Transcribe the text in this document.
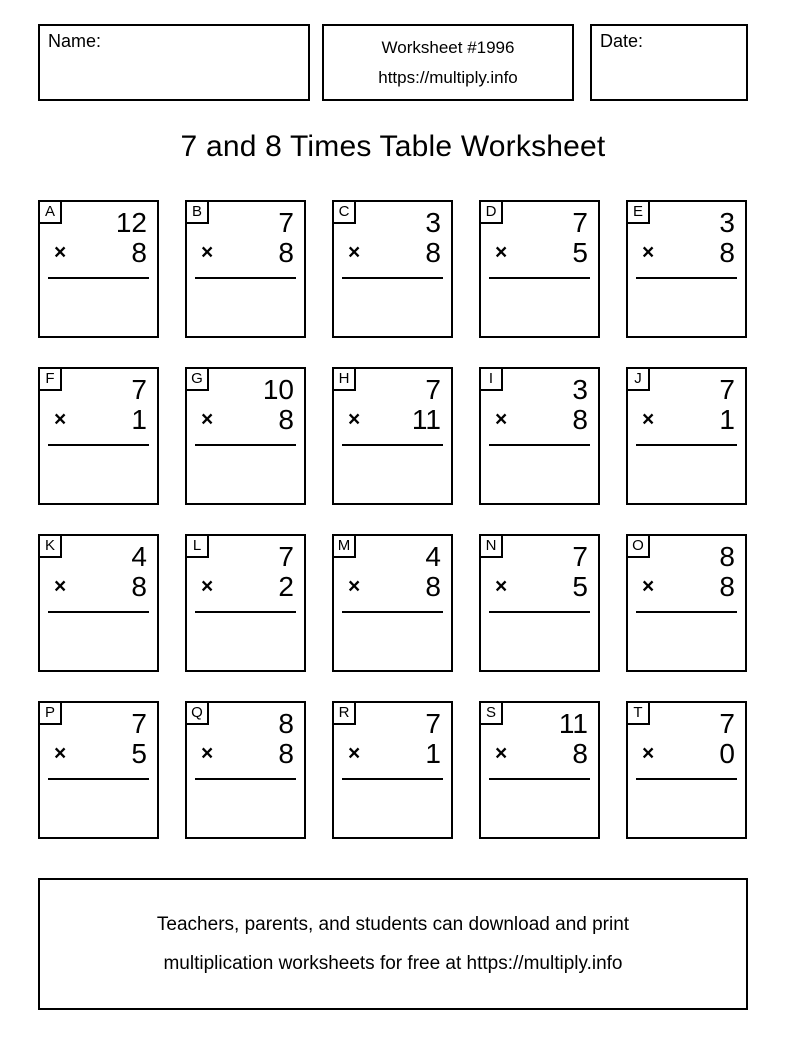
Name:	Worksheet #1996
https://multiply.info
Date:
7 and 8 Times Table Worksheet
A	12
× 8
B	7
× 8
C	3
× 8
D	7
× 5
E	3
× 8
F	7
× 1
G	10
× 8
H	7
× 11
I	3
× 8
J	7
× 1
K	4
× 8
L	7
× 2
M	4
× 8
N	7
× 5
O	8
× 8
P	7
× 5
Q	8
× 8
R	7
× 1
S	11
× 8
T	7
× 0
Teachers, parents, and students can download and print
multiplication worksheets for free at https://multiply.info
